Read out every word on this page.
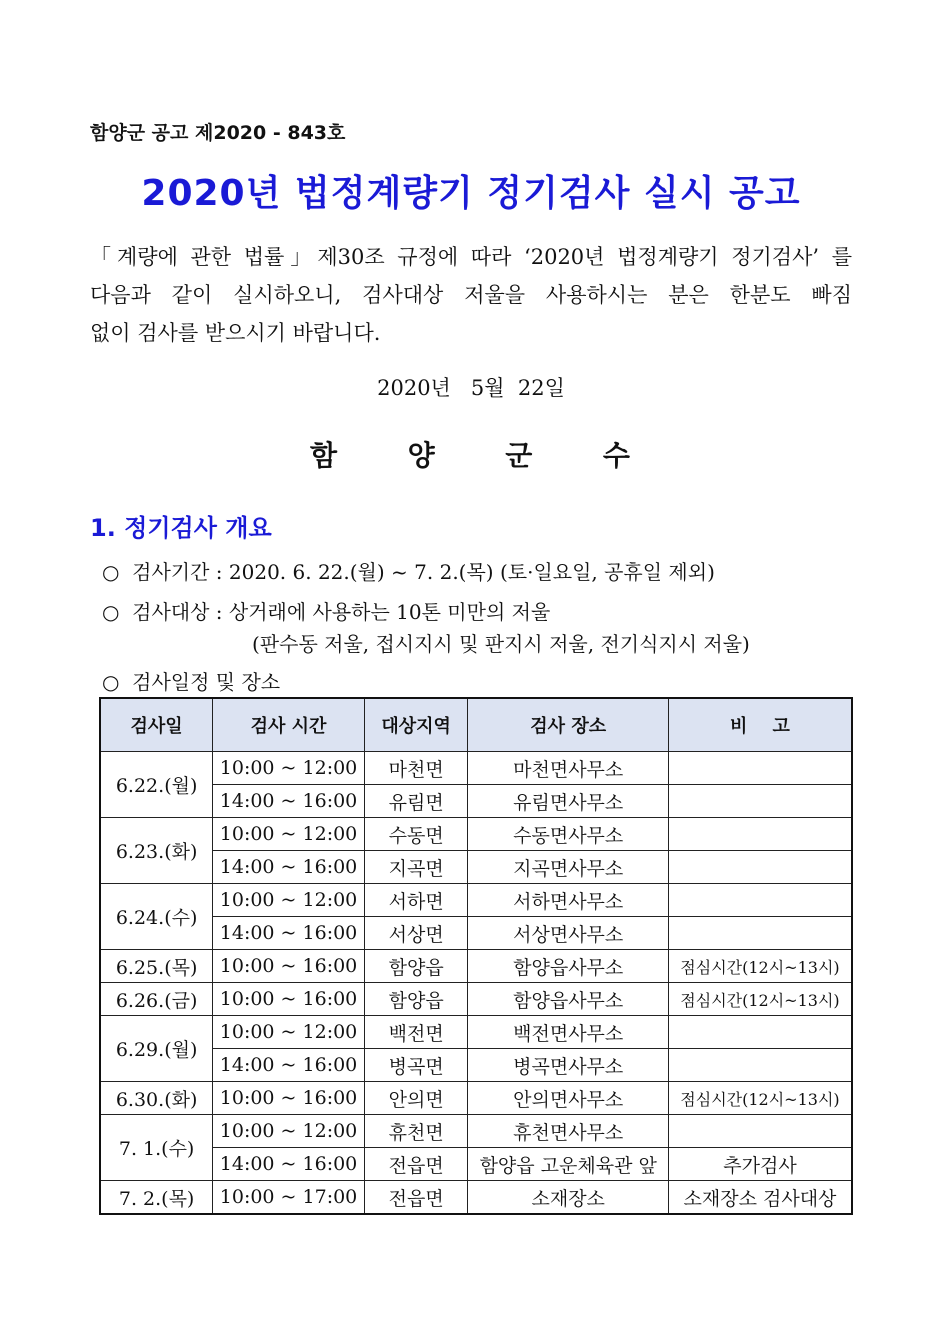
함양군 공고 제2020 - 843호
2020년 법정계량기 정기검사 실시 공고
「계량에 관한 법률」제30조 규정에 따라 ‘2020년 법정계량기 정기검사’ 를
다음과 같이 실시하오니, 검사대상 저울을 사용하시는 분은 한분도 빠짐
없이 검사를 받으시기 바랍니다.
2020년   5월  22일
함	양	군	수
1. 정기검사 개요
○  검사기간 : 2020. 6. 22.(월) ~ 7. 2.(목) (토·일요일, 공휴일 제외)
○  검사대상 : 상거래에 사용하는 10톤 미만의 저울
(판수동 저울, 접시지시 및 판지시 저울, 전기식지시 저울)
○  검사일정 및 장소
검사일	검사 시간	대상지역	검사 장소	비    고
6.22.(월)	10:00 ~ 12:00	마천면	마천면사무소	
	14:00 ~ 16:00	유림면	유림면사무소	
6.23.(화)	10:00 ~ 12:00	수동면	수동면사무소	
	14:00 ~ 16:00	지곡면	지곡면사무소	
6.24.(수)	10:00 ~ 12:00	서하면	서하면사무소	
	14:00 ~ 16:00	서상면	서상면사무소	
6.25.(목)	10:00 ~ 16:00	함양읍	함양읍사무소	점심시간(12시~13시)
6.26.(금)	10:00 ~ 16:00	함양읍	함양읍사무소	점심시간(12시~13시)
6.29.(월)	10:00 ~ 12:00	백전면	백전면사무소	
	14:00 ~ 16:00	병곡면	병곡면사무소	
6.30.(화)	10:00 ~ 16:00	안의면	안의면사무소	점심시간(12시~13시)
7. 1.(수)	10:00 ~ 12:00	휴천면	휴천면사무소	
	14:00 ~ 16:00	전읍면	함양읍 고운체육관 앞	추가검사
7. 2.(목)	10:00 ~ 17:00	전읍면	소재장소	소재장소 검사대상
